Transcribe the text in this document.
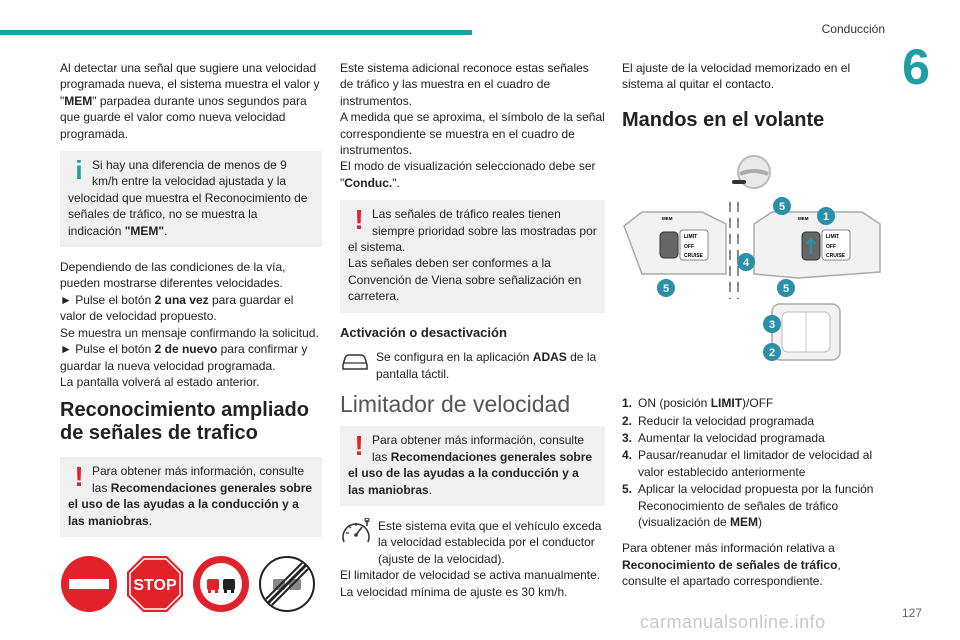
Conducción
6

Al detectar una señal que sugiere una velocidad programada nueva, el sistema muestra el valor y "MEM" parpadea durante unos segundos para que guarde el valor como nueva velocidad programada.

i Si hay una diferencia de menos de 9 km/h entre la velocidad ajustada y la velocidad que muestra el Reconocimiento de señales de tráfico, no se muestra la indicación "MEM".

Dependiendo de las condiciones de la vía, pueden mostrarse diferentes velocidades.

► Pulse el botón 2 una vez para guardar el valor de velocidad propuesto.

Se muestra un mensaje confirmando la solicitud.

► Pulse el botón 2 de nuevo para confirmar y guardar la nueva velocidad programada.

La pantalla volverá al estado anterior.

Reconocimiento ampliado de señales de trafico
! Para obtener más información, consulte las Recomendaciones generales sobre el uso de las ayudas a la conducción y a las maniobras.
STOP

Este sistema adicional reconoce estas señales de tráfico y las muestra en el cuadro de instrumentos.

A medida que se aproxima, el símbolo de la señal correspondiente se muestra en el cuadro de instrumentos.

El modo de visualización seleccionado debe ser "Conduc.".

! Las señales de tráfico reales tienen siempre prioridad sobre las mostradas por el sistema.
Las señales deben ser conformes a la Convención de Viena sobre señalización en carretera.
Activación o desactivación
Se configura en la aplicación ADAS de la pantalla táctil.
Limitador de velocidad
! Para obtener más información, consulte las Recomendaciones generales sobre el uso de las ayudas a la conducción y a las maniobras.
Este sistema evita que el vehículo exceda la velocidad establecida por el conductor (ajuste de la velocidad).

El limitador de velocidad se activa manualmente.

La velocidad mínima de ajuste es 30 km/h.

El ajuste de la velocidad memorizado en el sistema al quitar el contacto.

Mandos en el volante
LIMIT
OFF
CRUISE
MEM
LIMIT
OFF
CRUISE
MEM
5
1
4
5	5
3
2
1. ON (posición LIMIT)/OFF
2. Reducir la velocidad programada
3. Aumentar la velocidad programada
4. Pausar/reanudar el limitador de velocidad al valor establecido anteriormente
5. Aplicar la velocidad propuesta por la función Reconocimiento de señales de tráfico (visualización de MEM)

Para obtener más información relativa a Reconocimiento de señales de tráfico, consulte el apartado correspondiente.

carmanualsonline.info	127
